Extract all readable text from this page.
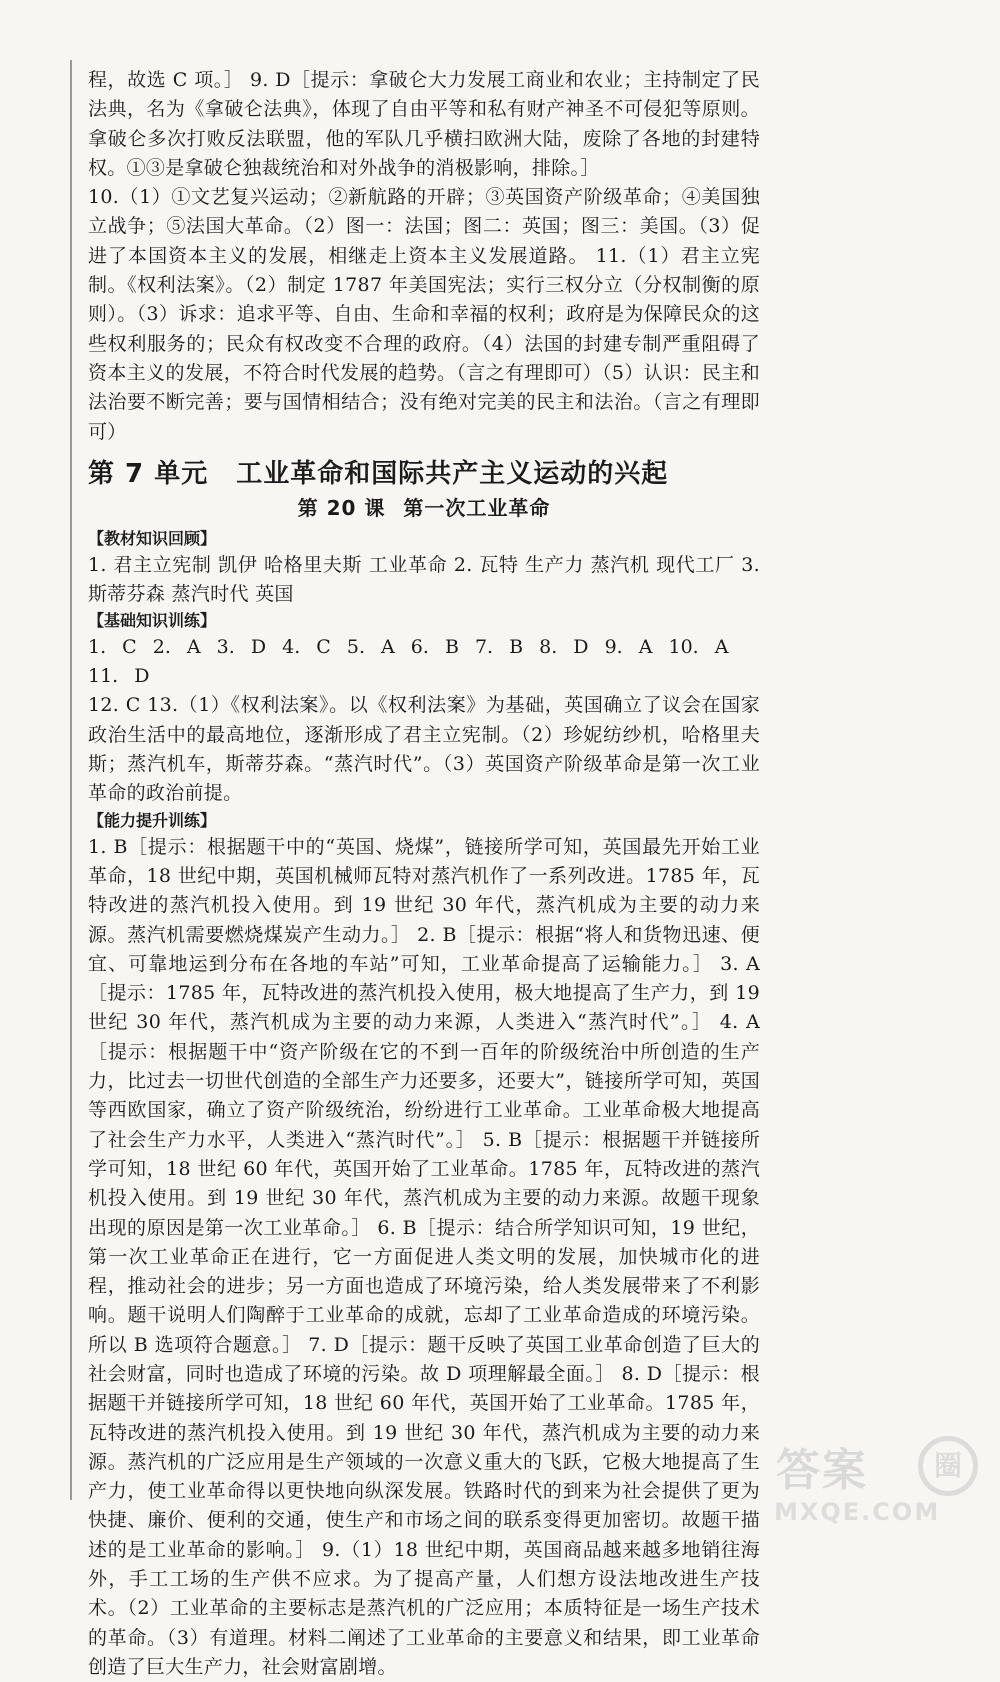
程，故选 C 项。］ 9. D［提示：拿破仑大力发展工商业和农业；主持制定了民法典，名为《拿破仑法典》，体现了自由平等和私有财产神圣不可侵犯等原则。拿破仑多次打败反法联盟，他的军队几乎横扫欧洲大陆，废除了各地的封建特权。①③是拿破仑独裁统治和对外战争的消极影响，排除。］

10.（1）①文艺复兴运动；②新航路的开辟；③英国资产阶级革命；④美国独立战争；⑤法国大革命。（2）图一：法国；图二：英国；图三：美国。（3）促进了本国资本主义的发展，相继走上资本主义发展道路。 11.（1）君主立宪制。《权利法案》。（2）制定 1787 年美国宪法；实行三权分立（分权制衡的原则）。（3）诉求：追求平等、自由、生命和幸福的权利；政府是为保障民众的这些权利服务的；民众有权改变不合理的政府。（4）法国的封建专制严重阻碍了资本主义的发展，不符合时代发展的趋势。（言之有理即可）（5）认识：民主和法治要不断完善；要与国情相结合；没有绝对完美的民主和法治。（言之有理即可）

第 7 单元 工业革命和国际共产主义运动的兴起
第 20 课 第一次工业革命
【教材知识回顾】

1. 君主立宪制 凯伊 哈格里夫斯 工业革命 2. 瓦特 生产力 蒸汽机 现代工厂 3. 斯蒂芬森 蒸汽时代 英国

【基础知识训练】

1. C 2. A 3. D 4. C 5. A 6. B 7. B 8. D 9. A 10. A 11. D

12. C 13.（1）《权利法案》。以《权利法案》为基础，英国确立了议会在国家政治生活中的最高地位，逐渐形成了君主立宪制。（2）珍妮纺纱机，哈格里夫斯；蒸汽机车，斯蒂芬森。“蒸汽时代”。（3）英国资产阶级革命是第一次工业革命的政治前提。

【能力提升训练】

1. B［提示：根据题干中的“英国、烧煤”，链接所学可知，英国最先开始工业革命，18 世纪中期，英国机械师瓦特对蒸汽机作了一系列改进。1785 年，瓦特改进的蒸汽机投入使用。到 19 世纪 30 年代，蒸汽机成为主要的动力来源。蒸汽机需要燃烧煤炭产生动力。］ 2. B［提示：根据“将人和货物迅速、便宜、可靠地运到分布在各地的车站”可知，工业革命提高了运输能力。］ 3. A［提示：1785 年，瓦特改进的蒸汽机投入使用，极大地提高了生产力，到 19 世纪 30 年代，蒸汽机成为主要的动力来源，人类进入“蒸汽时代”。］ 4. A［提示：根据题干中“资产阶级在它的不到一百年的阶级统治中所创造的生产力，比过去一切世代创造的全部生产力还要多，还要大”，链接所学可知，英国等西欧国家，确立了资产阶级统治，纷纷进行工业革命。工业革命极大地提高了社会生产力水平，人类进入“蒸汽时代”。］ 5. B［提示：根据题干并链接所学可知，18 世纪 60 年代，英国开始了工业革命。1785 年，瓦特改进的蒸汽机投入使用。到 19 世纪 30 年代，蒸汽机成为主要的动力来源。故题干现象出现的原因是第一次工业革命。］ 6. B［提示：结合所学知识可知，19 世纪，第一次工业革命正在进行，它一方面促进人类文明的发展，加快城市化的进程，推动社会的进步；另一方面也造成了环境污染，给人类发展带来了不利影响。题干说明人们陶醉于工业革命的成就，忘却了工业革命造成的环境污染。所以 B 选项符合题意。］ 7. D［提示：题干反映了英国工业革命创造了巨大的社会财富，同时也造成了环境的污染。故 D 项理解最全面。］ 8. D［提示：根据题干并链接所学可知，18 世纪 60 年代，英国开始了工业革命。1785 年，瓦特改进的蒸汽机投入使用。到 19 世纪 30 年代，蒸汽机成为主要的动力来源。蒸汽机的广泛应用是生产领域的一次意义重大的飞跃，它极大地提高了生产力，使工业革命得以更快地向纵深发展。铁路时代的到来为社会提供了更为快捷、廉价、便利的交通，使生产和市场之间的联系变得更加密切。故题干描述的是工业革命的影响。］ 9.（1）18 世纪中期，英国商品越来越多地销往海外，手工工场的生产供不应求。为了提高产量，人们想方设法地改进生产技术。（2）工业革命的主要标志是蒸汽机的广泛应用；本质特征是一场生产技术的革命。（3）有道理。材料二阐述了工业革命的主要意义和结果，即工业革命创造了巨大生产力，社会财富剧增。

答案	圈
MXQE.COM
